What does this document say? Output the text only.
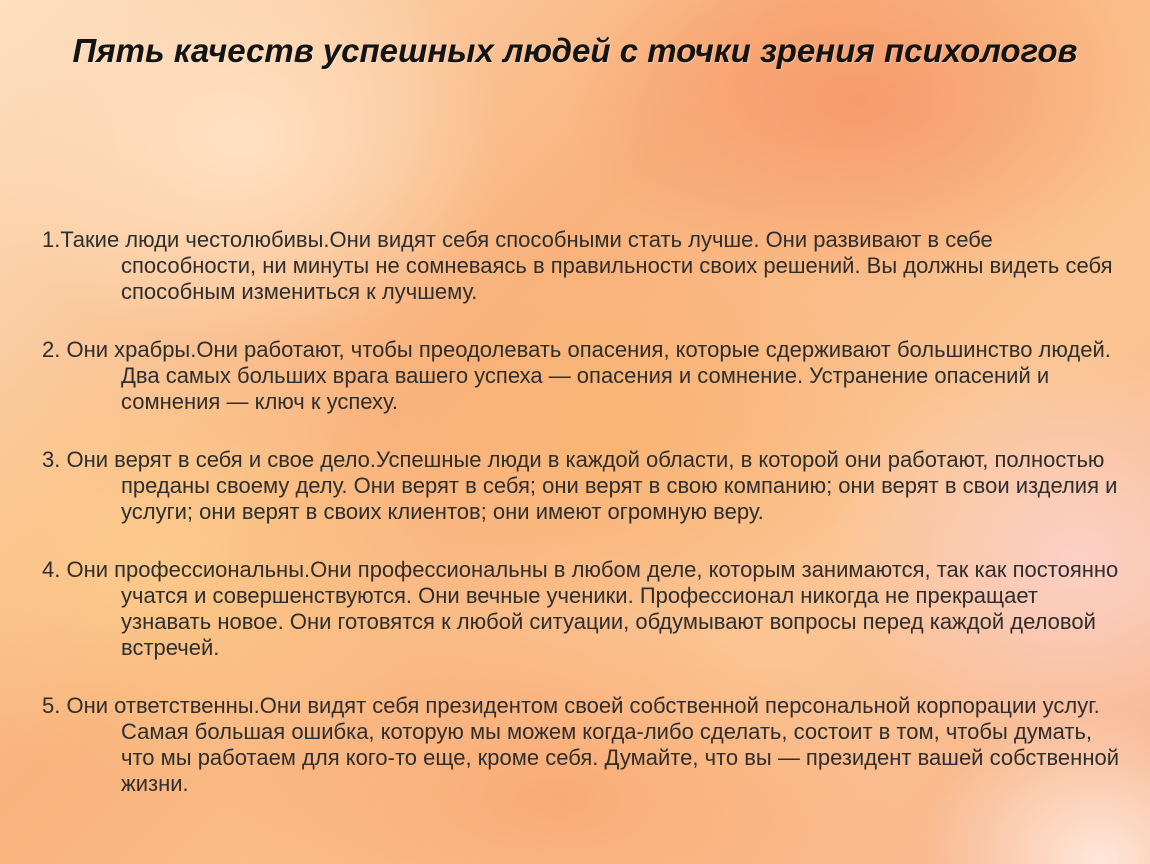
Пять качеств успешных людей с точки зрения психологов
1.Такие люди честолюбивы.Они видят себя способными стать лучше. Они развивают в себе способности, ни минуты не сомневаясь в правильности своих решений. Вы должны видеть себя способным измениться к лучшему.
2. Они храбры.Они работают, чтобы преодолевать опасения, которые сдерживают большинство людей. Два самых больших врага вашего успеха — опасения и сомнение. Устранение опасений и сомнения — ключ к успеху.
3. Они верят в себя и свое дело.Успешные люди в каждой области, в которой они работают, полностью преданы своему делу. Они верят в себя; они верят в свою компанию; они верят в свои изделия и услуги; они верят в своих клиентов; они имеют огромную веру.
4. Они профессиональны.Они профессиональны в любом деле, которым занимаются, так как постоянно учатся и совершенствуются. Они вечные ученики. Профессионал никогда не прекращает узнавать новое. Они готовятся к любой ситуации, обдумывают вопросы перед каждой деловой встречей.
5. Они ответственны.Они видят себя президентом своей собственной персональной корпорации услуг. Самая большая ошибка, которую мы можем когда-либо сделать, состоит в том, чтобы думать, что мы работаем для кого-то еще, кроме себя. Думайте, что вы — президент вашей собственной жизни.
